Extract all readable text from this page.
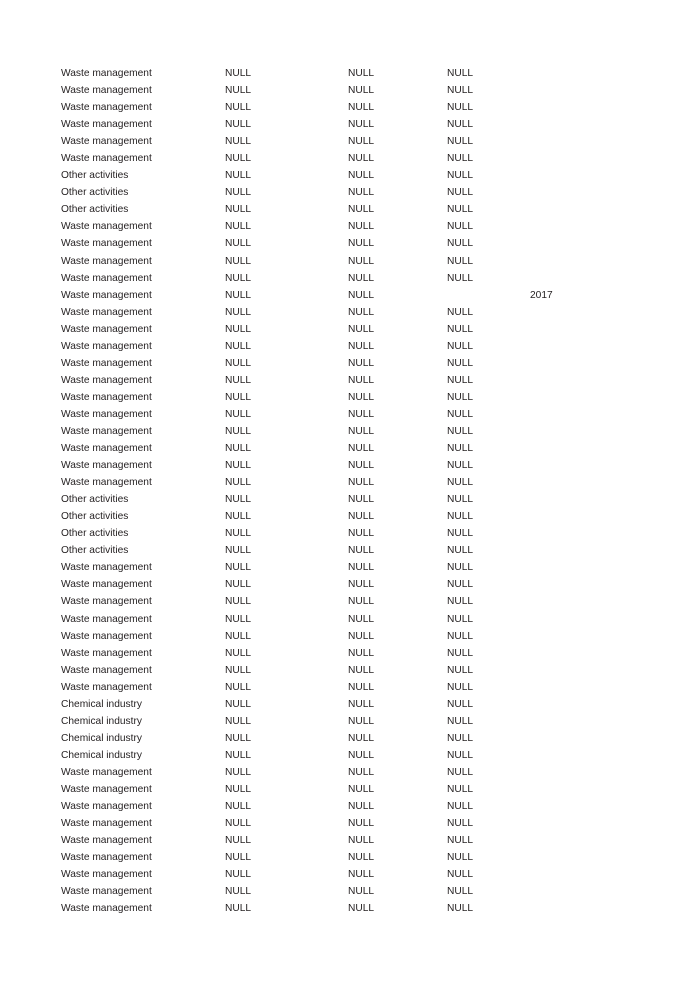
Waste management	NULL	NULL	NULL		
Waste management	NULL	NULL	NULL		
Waste management	NULL	NULL	NULL		
Waste management	NULL	NULL	NULL		
Waste management	NULL	NULL	NULL		
Waste management	NULL	NULL	NULL		
Other activities	NULL	NULL	NULL		
Other activities	NULL	NULL	NULL		
Other activities	NULL	NULL	NULL		
Waste management	NULL	NULL	NULL		
Waste management	NULL	NULL	NULL		
Waste management	NULL	NULL	NULL		
Waste management	NULL	NULL	NULL		
Waste management	NULL	NULL		2017	
Waste management	NULL	NULL	NULL		
Waste management	NULL	NULL	NULL		
Waste management	NULL	NULL	NULL		
Waste management	NULL	NULL	NULL		
Waste management	NULL	NULL	NULL		
Waste management	NULL	NULL	NULL		
Waste management	NULL	NULL	NULL		
Waste management	NULL	NULL	NULL		
Waste management	NULL	NULL	NULL		
Waste management	NULL	NULL	NULL		
Waste management	NULL	NULL	NULL		
Other activities	NULL	NULL	NULL		
Other activities	NULL	NULL	NULL		
Other activities	NULL	NULL	NULL		
Other activities	NULL	NULL	NULL		
Waste management	NULL	NULL	NULL		
Waste management	NULL	NULL	NULL		
Waste management	NULL	NULL	NULL		
Waste management	NULL	NULL	NULL		
Waste management	NULL	NULL	NULL		
Waste management	NULL	NULL	NULL		
Waste management	NULL	NULL	NULL		
Waste management	NULL	NULL	NULL		
Chemical industry	NULL	NULL	NULL		
Chemical industry	NULL	NULL	NULL		
Chemical industry	NULL	NULL	NULL		
Chemical industry	NULL	NULL	NULL		
Waste management	NULL	NULL	NULL		
Waste management	NULL	NULL	NULL		
Waste management	NULL	NULL	NULL		
Waste management	NULL	NULL	NULL		
Waste management	NULL	NULL	NULL		
Waste management	NULL	NULL	NULL		
Waste management	NULL	NULL	NULL		
Waste management	NULL	NULL	NULL		
Waste management	NULL	NULL	NULL		
